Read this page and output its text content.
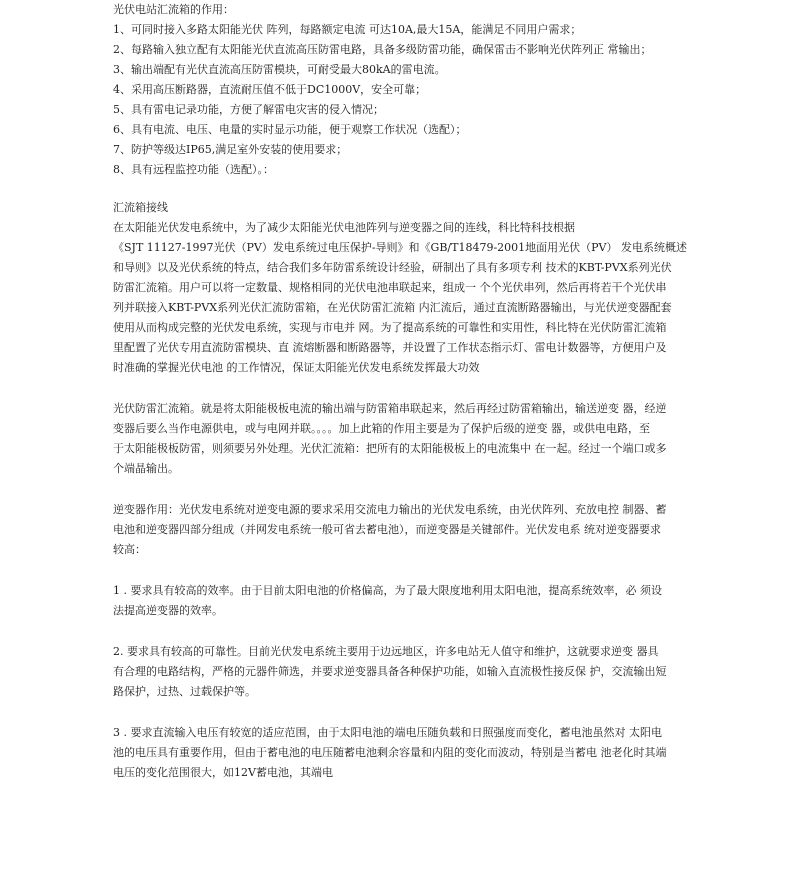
光伏电站汇流箱的作用：
1、可同时接入多路太阳能光伏 阵列，每路额定电流 可达10A,最大15A，能满足不同用户需求；
2、每路输入独立配有太阳能光伏直流高压防雷电路，具备多级防雷功能，确保雷击不影响光伏阵列正 常输出；
3、输出端配有光伏直流高压防雷模块，可耐受最大80kA的雷电流。
4、采用高压断路器，直流耐压值不低于DC1000V，安全可靠；
5、具有雷电记录功能，方便了解雷电灾害的侵入情况；
6、具有电流、电压、电量的实时显示功能，便于观察工作状况（选配）；
7、防护等级达IP65,满足室外安装的使用要求；
8、具有远程监控功能（选配）。：
汇流箱接线
在太阳能光伏发电系统中，为了减少太阳能光伏电池阵列与逆变器之间的连线，科比特科技根据
《SJT 11127-1997光伏（PV）发电系统过电压保护-导则》和《GB/T18479-2001地面用光伏（PV） 发电系统概述
和导则》以及光伏系统的特点，结合我们多年防雷系统设计经验，研制出了具有多项专利 技术的KBT-PVX系列光伏
防雷汇流箱。用户可以将一定数量、规格相同的光伏电池串联起来，组成一 个个光伏串列，然后再将若干个光伏串
列并联接入KBT-PVX系列光伏汇流防雷箱，在光伏防雷汇流箱 内汇流后，通过直流断路器输出，与光伏逆变器配套
使用从而构成完整的光伏发电系统，实现与市电并 网。为了提高系统的可靠性和实用性，科比特在光伏防雷汇流箱
里配置了光伏专用直流防雷模块、直 流熔断器和断路器等，并设置了工作状态指示灯、雷电计数器等，方便用户及
时准确的掌握光伏电池 的工作情况，保证太阳能光伏发电系统发挥最大功效
光伏防雷汇流箱。就是将太阳能极板电流的输出端与防雷箱串联起来，然后再经过防雷箱输出，输送逆变 器，经逆
变器后要么当作电源供电，或与电网并联。。。。加上此箱的作用主要是为了保护后级的逆变 器，或供电电路，至
于太阳能极板防雷，则须要另外处理。光伏汇流箱：把所有的太阳能极板上的电流集中 在一起。经过一个端口或多
个端晶输出。
逆变器作用：光伏发电系统对逆变电源的要求采用交流电力输出的光伏发电系统，由光伏阵列、充放电控 制器、蓄
电池和逆变器四部分组成（并网发电系统一般可省去蓄电池），而逆变器是关键部件。光伏发电系 统对逆变器要求
较高：
1 . 要求具有较高的效率。由于目前太阳电池的价格偏高，为了最大限度地利用太阳电池，提高系统效率，必 须设
法提高逆变器的效率。
2. 要求具有较高的可靠性。目前光伏发电系统主要用于边远地区，许多电站无人值守和维护，这就要求逆变 器具
有合理的电路结构，严格的元器件筛选，并要求逆变器具备各种保护功能，如输入直流极性接反保 护，交流输出短
路保护，过热、过载保护等。
3 . 要求直流输入电压有较宽的适应范围，由于太阳电池的端电压随负载和日照强度而变化，蓄电池虽然对 太阳电
池的电压具有重要作用，但由于蓄电池的电压随蓄电池剩余容量和内阻的变化而波动，特别是当蓄电 池老化时其端
电压的变化范围很大，如12V蓄电池，其端电
